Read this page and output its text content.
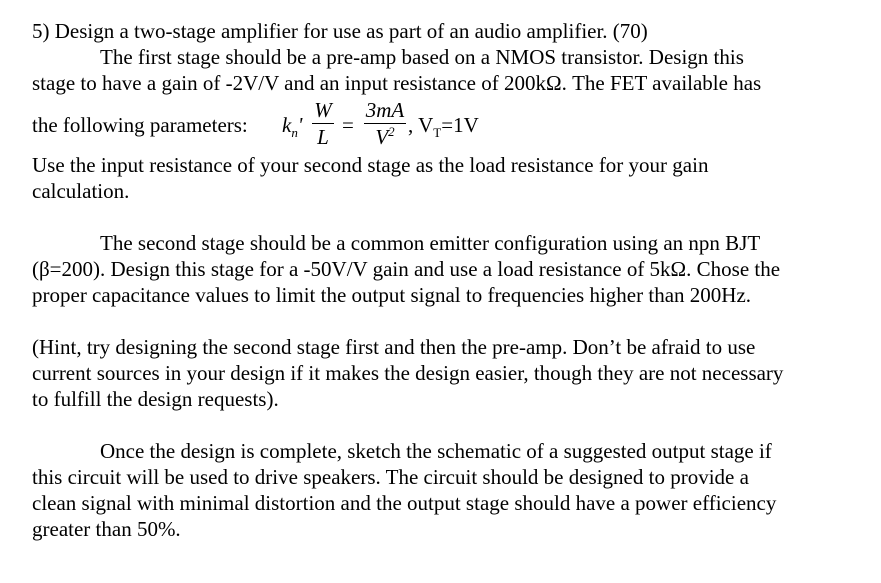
5) Design a two-stage amplifier for use as part of an audio amplifier. (70)
The first stage should be a pre-amp based on a NMOS transistor. Design this
stage to have a gain of -2V/V and an input resistance of 200kΩ. The FET available has
the following parameters: $k_n'$
W
L =
3mA
$V^2$ , $V_T=1V$
Use the input resistance of your second stage as the load resistance for your gain
calculation.
The second stage should be a common emitter configuration using an npn BJT
(β=200). Design this stage for a -50V/V gain and use a load resistance of 5kΩ. Chose the
proper capacitance values to limit the output signal to frequencies higher than 200Hz.
(Hint, try designing the second stage first and then the pre-amp. Don’t be afraid to use
current sources in your design if it makes the design easier, though they are not necessary
to fulfill the design requests).
Once the design is complete, sketch the schematic of a suggested output stage if
this circuit will be used to drive speakers. The circuit should be designed to provide a
clean signal with minimal distortion and the output stage should have a power efficiency
greater than 50%.
